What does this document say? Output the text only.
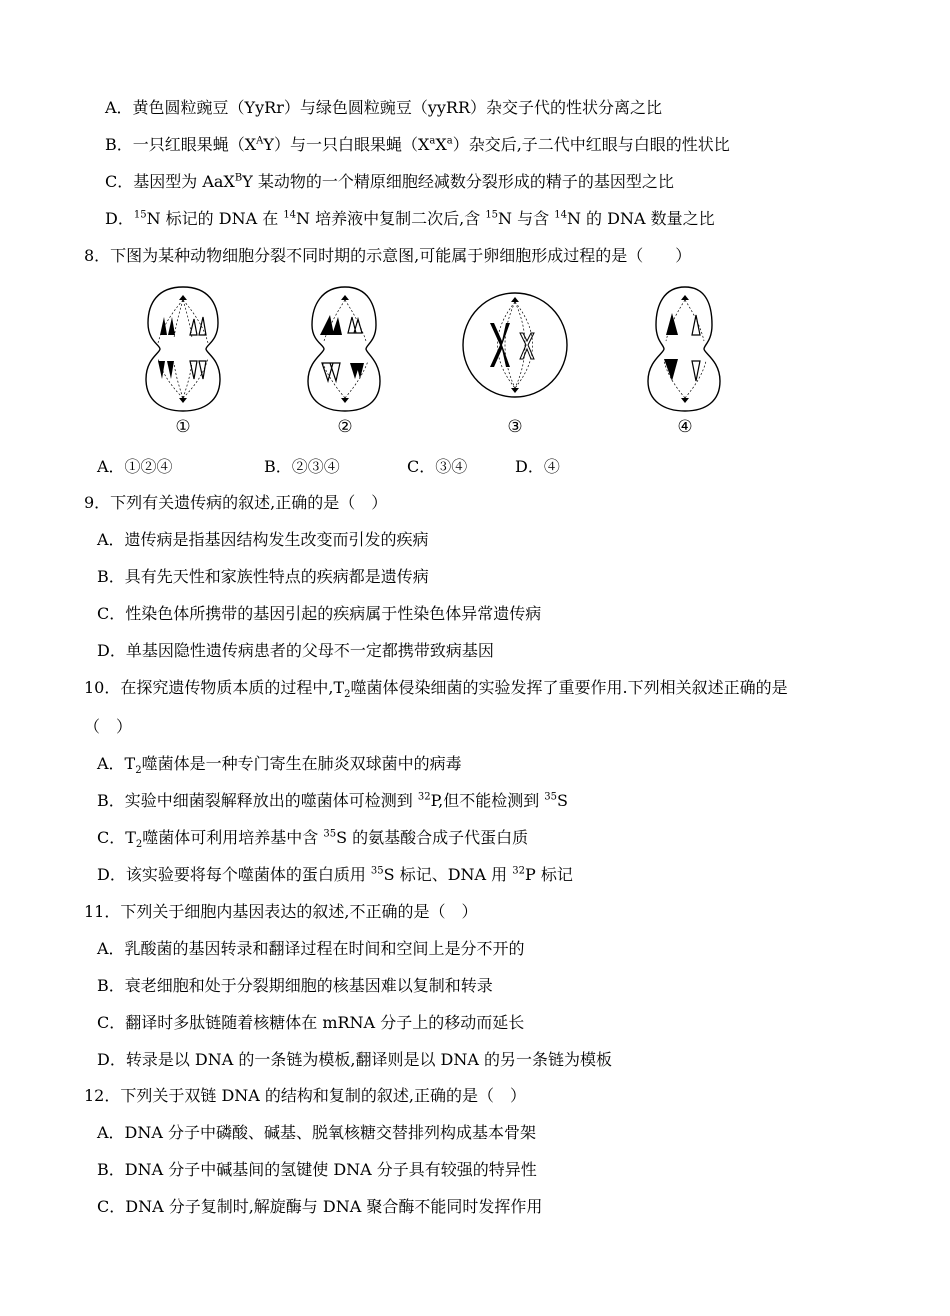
A．黄色圆粒豌豆（YyRr）与绿色圆粒豌豆（yyRR）杂交子代的性状分离之比
B．一只红眼果蝇$(X^AY)$与一只白眼果蝇$(X^aX^a)$杂交后,子二代中红眼与白眼的性状比
C．基因型为 AaX$^B$Y 某动物的一个精原细胞经减数分裂形成的精子的基因型之比
D．$^{15}$N 标记的 DNA 在 $^{14}$N 培养液中复制二次后,含 $^{15}$N 与含 $^{14}$N 的 DNA 数量之比
8．下图为某种动物细胞分裂不同时期的示意图,可能属于卵细胞形成过程的是（　　）
①	②	③	④
A．①②④	B．②③④	C．③④	D．④
9．下列有关遗传病的叙述,正确的是（　）
A．遗传病是指基因结构发生改变而引发的疾病
B．具有先天性和家族性特点的疾病都是遗传病
C．性染色体所携带的基因引起的疾病属于性染色体异常遗传病
D．单基因隐性遗传病患者的父母不一定都携带致病基因
10．在探究遗传物质本质的过程中$,T_2$噬菌体侵染细菌的实验发挥了重要作用.下列相关叙述正确的是
（　）
A．$T_2$噬菌体是一种专门寄生在肺炎双球菌中的病毒
B．实验中细菌裂解释放出的噬菌体可检测到 $^{32}$P,但不能检测到 $^{35}$S
C．$T_2$噬菌体可利用培养基中含 $^{35}$S 的氨基酸合成子代蛋白质
D．该实验要将每个噬菌体的蛋白质用 $^{35}$S 标记、DNA 用 $^{32}$P 标记
11．下列关于细胞内基因表达的叙述,不正确的是（　）
A．乳酸菌的基因转录和翻译过程在时间和空间上是分不开的
B．衰老细胞和处于分裂期细胞的核基因难以复制和转录
C．翻译时多肽链随着核糖体在 mRNA 分子上的移动而延长
D．转录是以 DNA 的一条链为模板,翻译则是以 DNA 的另一条链为模板
12．下列关于双链 DNA 的结构和复制的叙述,正确的是（　）
A．DNA 分子中磷酸、碱基、脱氧核糖交替排列构成基本骨架
B．DNA 分子中碱基间的氢键使 DNA 分子具有较强的特异性
C．DNA 分子复制时,解旋酶与 DNA 聚合酶不能同时发挥作用
